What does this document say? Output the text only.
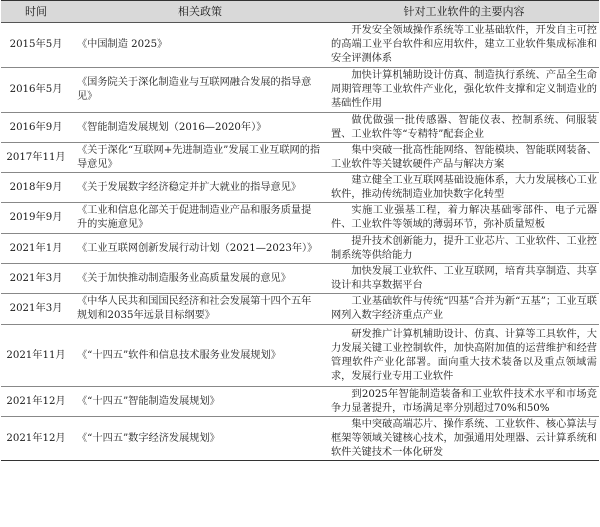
时间	相关政策	针对工业软件的主要内容
2015年5月	《中国制造 2025》	开发安全领域操作系统等工业基础软件，开发自主可控的高端工业平台软件和应用软件，建立工业软件集成标准和安全评测体系
2016年5月	《国务院关于深化制造业与互联网融合发展的指导意见》	加快计算机辅助设计仿真、制造执行系统、产品全生命周期管理等工业软件产业化，强化软件支撑和定义制造业的基础性作用
2016年9月	《智能制造发展规划（2016—2020年）》	做优做强一批传感器、智能仪表、控制系统、伺服装置、工业软件等“专精特”配套企业
2017年11月	《关于深化“互联网+先进制造业”发展工业互联网的指导意见》	集中突破一批高性能网络、智能模块、智能联网装备、工业软件等关键软硬件产品与解决方案
2018年9月	《关于发展数字经济稳定并扩大就业的指导意见》	建立健全工业互联网基础设施体系，大力发展核心工业软件，推动传统制造业加快数字化转型
2019年9月	《工业和信息化部关于促进制造业产品和服务质量提升的实施意见》	实施工业强基工程，着力解决基础零部件、电子元器件、工业软件等领域的薄弱环节，弥补质量短板
2021年1月	《工业互联网创新发展行动计划（2021—2023年）》	提升技术创新能力，提升工业芯片、工业软件、工业控制系统等供给能力
2021年3月	《关于加快推动制造服务业高质量发展的意见》	加快发展工业软件、工业互联网，培育共享制造、共享设计和共享数据平台
2021年3月	《中华人民共和国国民经济和社会发展第十四个五年规划和2035年远景目标纲要》	工业基础软件与传统“四基”合并为新“五基”；工业互联网列入数字经济重点产业
2021年11月	《“十四五”软件和信息技术服务业发展规划》	研发推广计算机辅助设计、仿真、计算等工具软件，大力发展关键工业控制软件，加快高附加值的运营维护和经营管理软件产业化部署。面向重大技术装备以及重点领域需求，发展行业专用工业软件
2021年12月	《“十四五”智能制造发展规划》	到2025年智能制造装备和工业软件技术水平和市场竞争力显著提升，市场满足率分别超过70%和50%
2021年12月	《“十四五”数字经济发展规划》	集中突破高端芯片、操作系统、工业软件、核心算法与框架等领域关键核心技术，加强通用处理器、云计算系统和软件关键技术一体化研发
